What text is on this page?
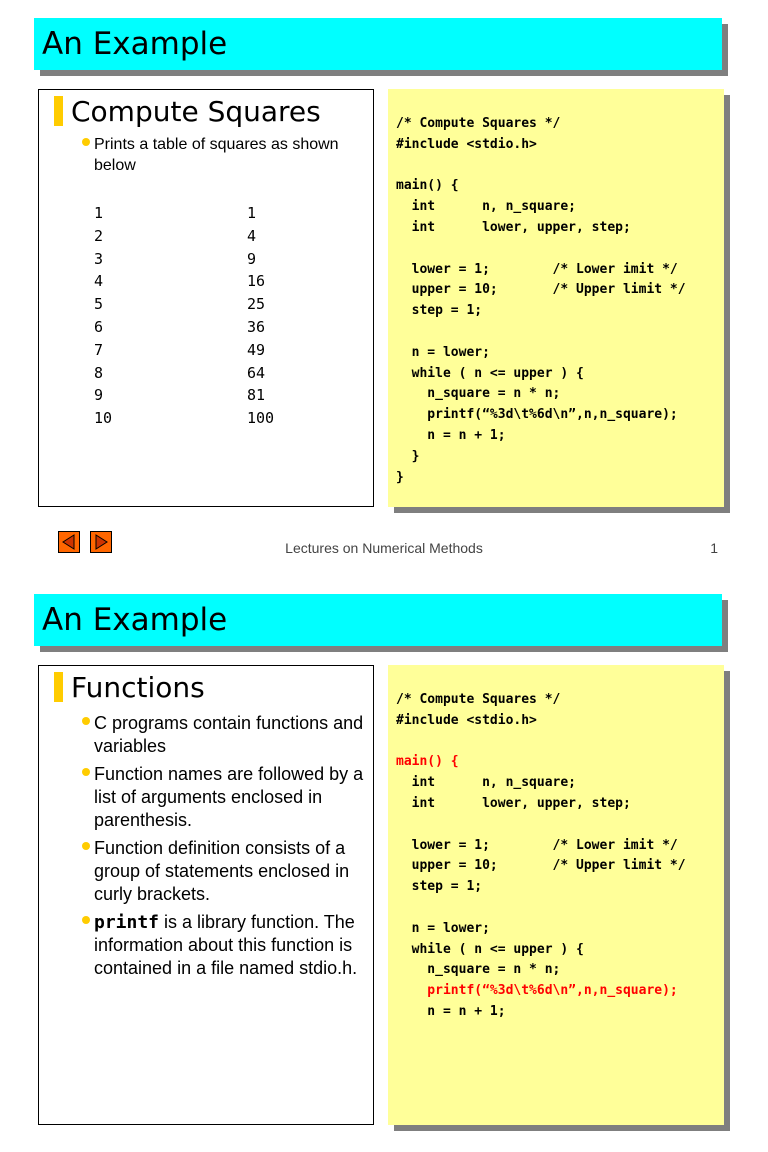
An Example
Compute Squares
Prints a table of squares as shown below
1	1
2	4
3	9
4	16
5	25
6	36
7	49
8	64
9	81
10	100
/* Compute Squares */
#include <stdio.h>

main() {
int      n, n_square;
int      lower, upper, step;

lower = 1;        /* Lower imit */
upper = 10;       /* Upper limit */
step = 1;

n = lower;
while ( n <= upper ) {
n_square = n * n;
printf(“%3d\t%6d\n”,n,n_square);
n = n + 1;
}
}
Lectures on Numerical Methods	1
An Example
Functions
C programs contain functions and variables
Function names are followed by a list of arguments enclosed in parenthesis.
Function definition consists of a group of statements enclosed in curly brackets.
printf is a library function. The information about this function is contained in a file named stdio.h.
/* Compute Squares */
#include <stdio.h>

main() {
int      n, n_square;
int      lower, upper, step;

lower = 1;        /* Lower imit */
upper = 10;       /* Upper limit */
step = 1;

n = lower;
while ( n <= upper ) {
n_square = n * n;
printf(“%3d\t%6d\n”,n,n_square);
n = n + 1;
